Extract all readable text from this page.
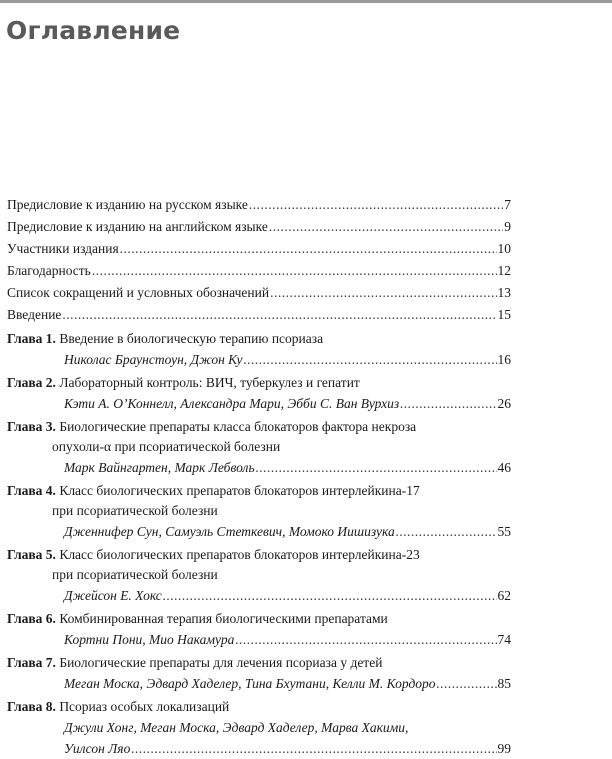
Оглавление
Предисловие к изданию на русском языке .....	7
Предисловие к изданию на английском языке .....	9
Участники издания .....	10
Благодарность .....	12
Список сокращений и условных обозначений .....	13
Введение .....	15
Глава 1. Введение в биологическую терапию псориаза
Николас Браунстоун, Джон Ку .....	16
Глава 2. Лабораторный контроль: ВИЧ, туберкулез и гепатит
Кэти А. О’Коннелл, Александра Мари, Эбби С. Ван Вурхиз .....	26
Глава 3. Биологические препараты класса блокаторов фактора некроза
опухоли-α при псориатической болезни
Марк Вайнгартен, Марк Лебволь .....	46
Глава 4. Класс биологических препаратов блокаторов интерлейкина-17
при псориатической болезни
Дженнифер Сун, Самуэль Стеткевич, Момоко Иишизука .....	55
Глава 5. Класс биологических препаратов блокаторов интерлейкина-23
при псориатической болезни
Джейсон Е. Хокс .....	62
Глава 6. Комбинированная терапия биологическими препаратами
Кортни Пони, Мио Накамура .....	74
Глава 7. Биологические препараты для лечения псориаза у детей
Меган Моска, Эдвард Хаделер, Тина Бхутани, Келли М. Кордоро .....	85
Глава 8. Псориаз особых локализаций
Джули Хонг, Меган Моска, Эдвард Хаделер, Марва Хакими,
Уилсон Ляо .....	99
